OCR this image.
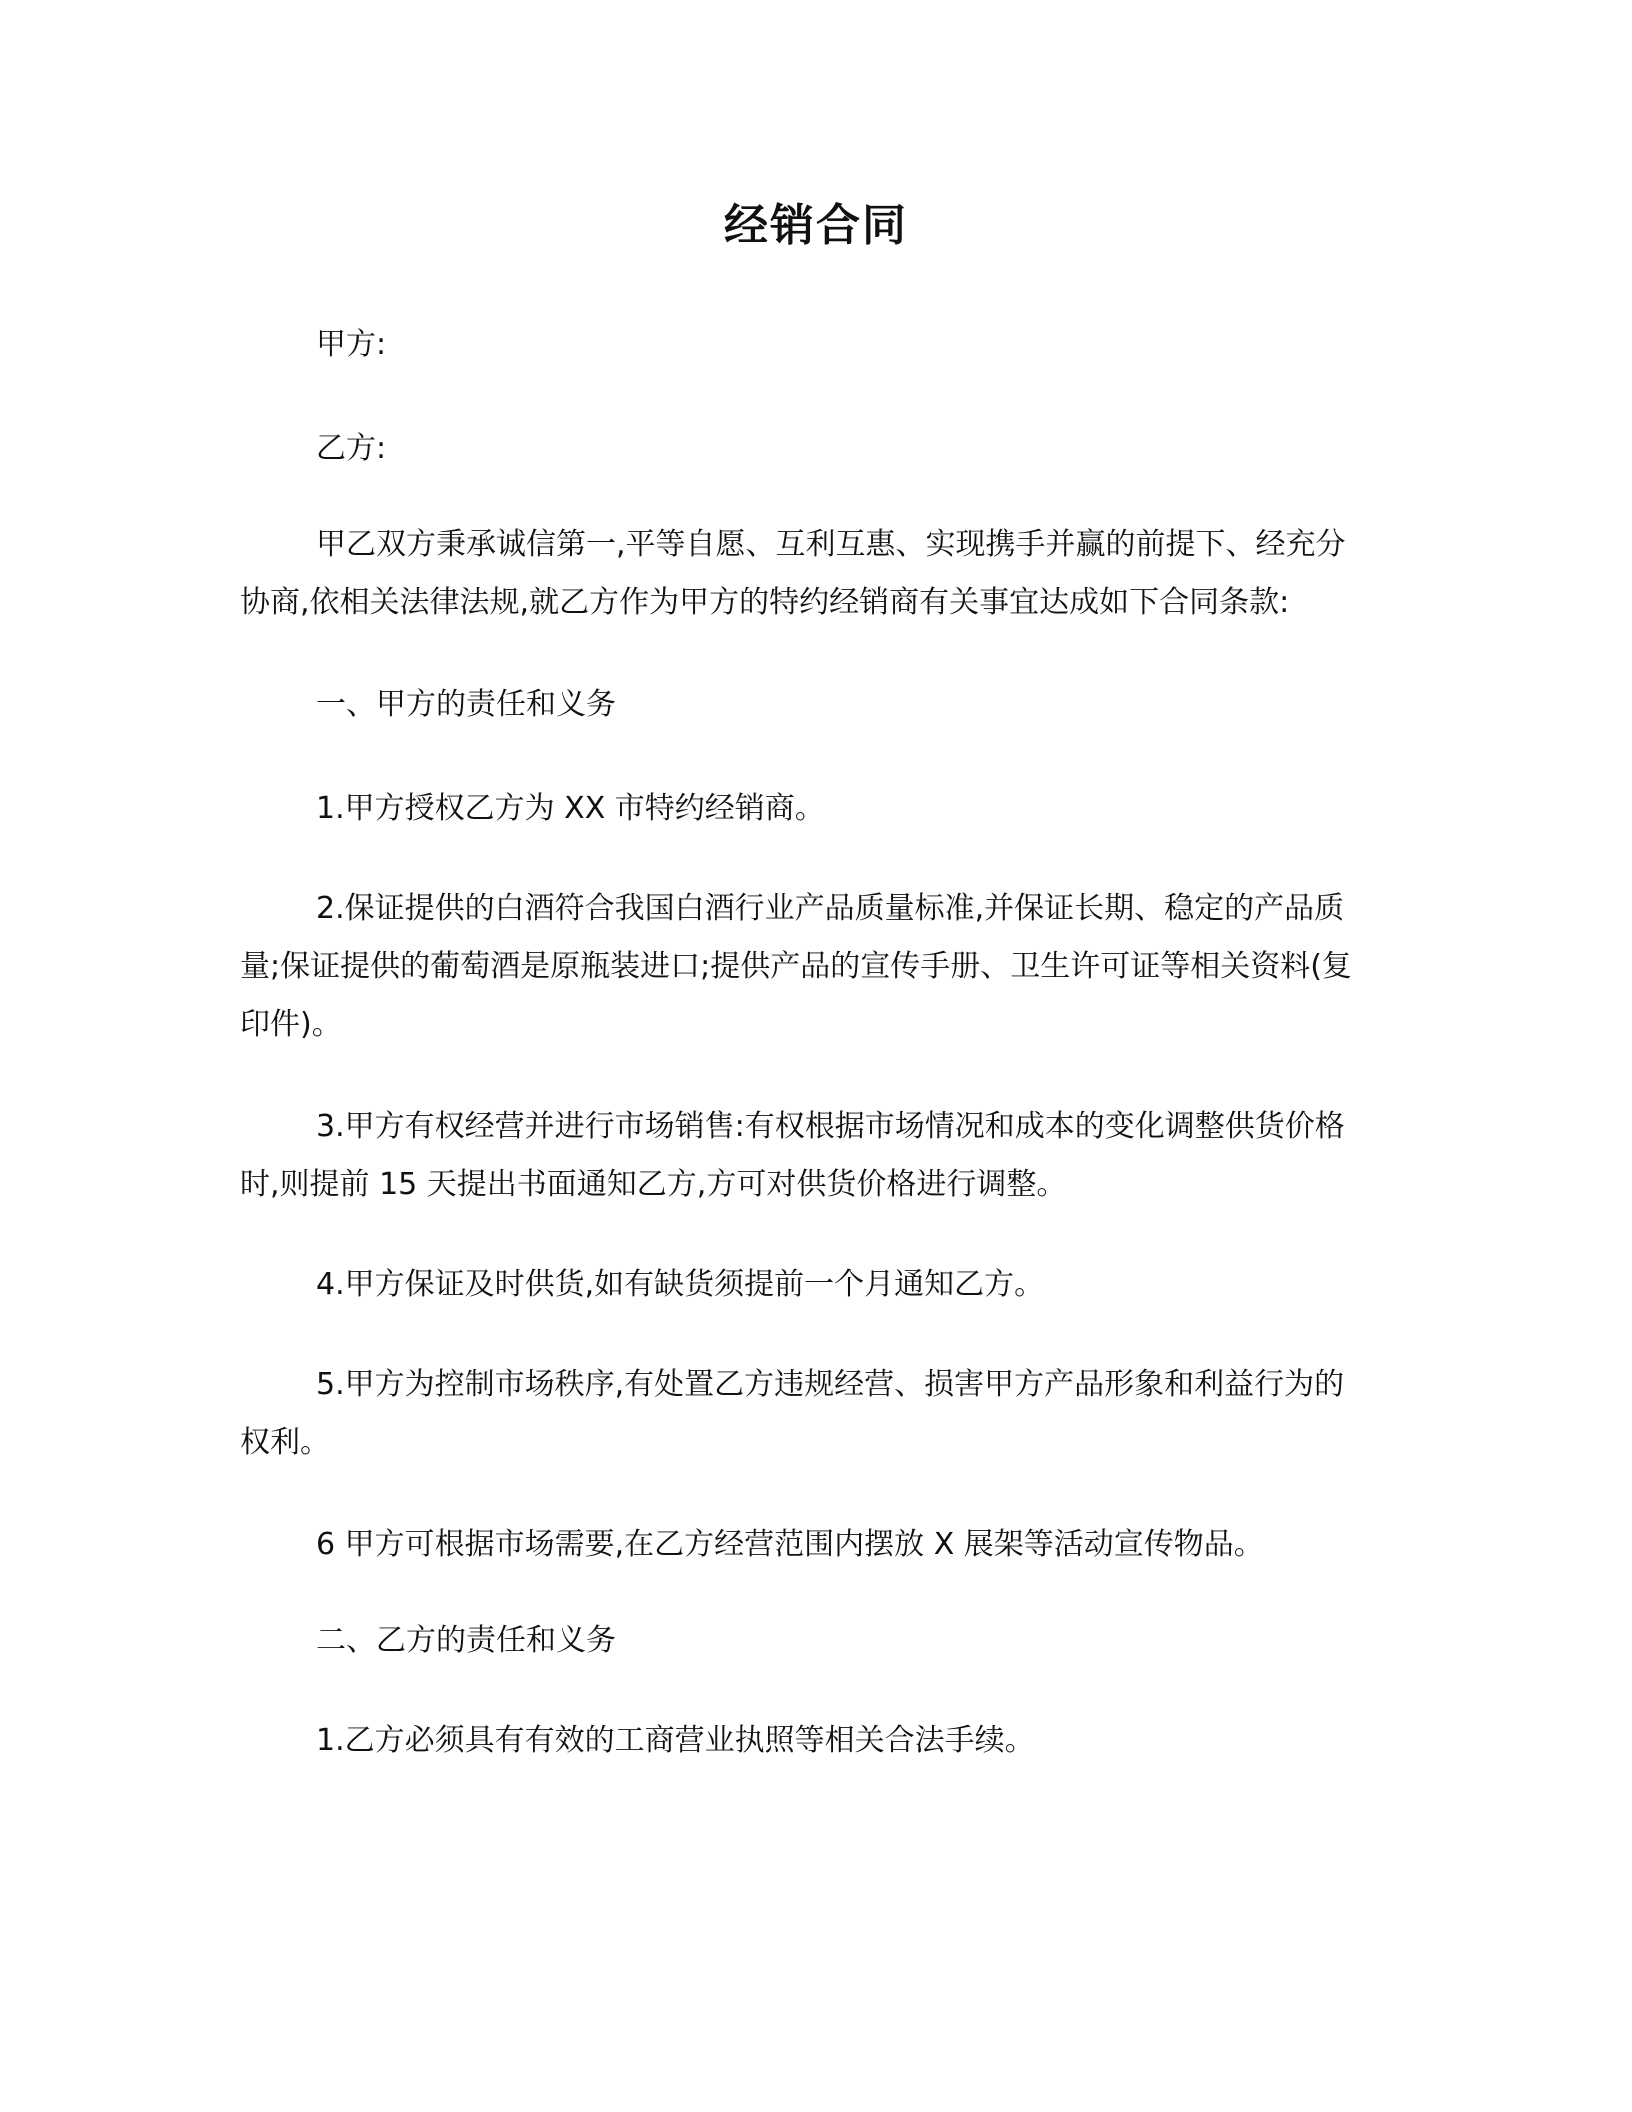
经销合同
甲方:
乙方:
甲乙双方秉承诚信第一,平等自愿、互利互惠、实现携手并赢的前提下、经充分协商,依相关法律法规,就乙方作为甲方的特约经销商有关事宜达成如下合同条款:
一、甲方的责任和义务
1.甲方授权乙方为 XX 市特约经销商。
2.保证提供的白酒符合我国白酒行业产品质量标准,并保证长期、稳定的产品质量;保证提供的葡萄酒是原瓶装进口;提供产品的宣传手册、卫生许可证等相关资料(复印件)。
3.甲方有权经营并进行市场销售:有权根据市场情况和成本的变化调整供货价格时,则提前 15 天提出书面通知乙方,方可对供货价格进行调整。
4.甲方保证及时供货,如有缺货须提前一个月通知乙方。
5.甲方为控制市场秩序,有处置乙方违规经营、损害甲方产品形象和利益行为的权利。
6 甲方可根据市场需要,在乙方经营范围内摆放 X 展架等活动宣传物品。
二、乙方的责任和义务
1.乙方必须具有有效的工商营业执照等相关合法手续。
